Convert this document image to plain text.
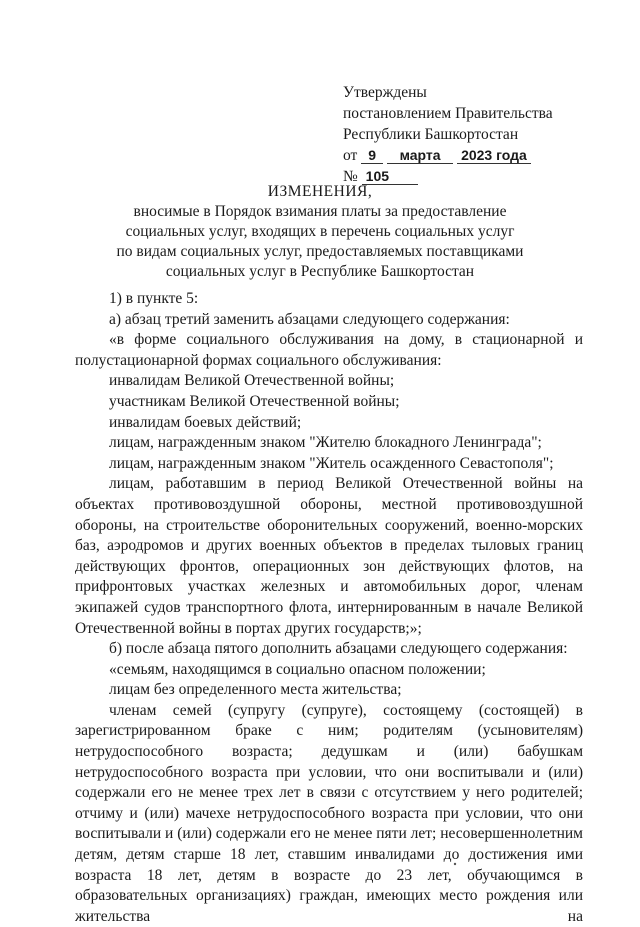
Утверждены
постановлением Правительства
Республики Башкортостан
от 9 марта 2023 года
№ 105
ИЗМЕНЕНИЯ,
вносимые в Порядок взимания платы за предоставление
социальных услуг, входящих в перечень социальных услуг
по видам социальных услуг, предоставляемых поставщиками
социальных услуг в Республике Башкортостан
1) в пункте 5:
а) абзац третий заменить абзацами следующего содержания:
«в форме социального обслуживания на дому, в стационарной и полустационарной формах социального обслуживания:
инвалидам Великой Отечественной войны;
участникам Великой Отечественной войны;
инвалидам боевых действий;
лицам, награжденным знаком "Жителю блокадного Ленинграда";
лицам, награжденным знаком "Житель осажденного Севастополя";
лицам, работавшим в период Великой Отечественной войны на объектах противовоздушной обороны, местной противовоздушной обороны, на строительстве оборонительных сооружений, военно-морских баз, аэродромов и других военных объектов в пределах тыловых границ действующих фронтов, операционных зон действующих флотов, на прифронтовых участках железных и автомобильных дорог, членам экипажей судов транспортного флота, интернированным в начале Великой Отечественной войны в портах других государств;»;
б) после абзаца пятого дополнить абзацами следующего содержания:
«семьям, находящимся в социально опасном положении;
лицам без определенного места жительства;
членам семей (супругу (супруге), состоящему (состоящей) в зарегистрированном браке с ним; родителям (усыновителям) нетрудоспособного возраста; дедушкам и (или) бабушкам нетрудоспособного возраста при условии, что они воспитывали и (или) содержали его не менее трех лет в связи с отсутствием у него родителей; отчиму и (или) мачехе нетрудоспособного возраста при условии, что они воспитывали и (или) содержали его не менее пяти лет; несовершеннолетним детям, детям старше 18 лет, ставшим инвалидами до достижения ими возраста 18 лет, детям в возрасте до 23 лет, обучающимся в образовательных организациях) граждан, имеющих место рождения или жительства на
